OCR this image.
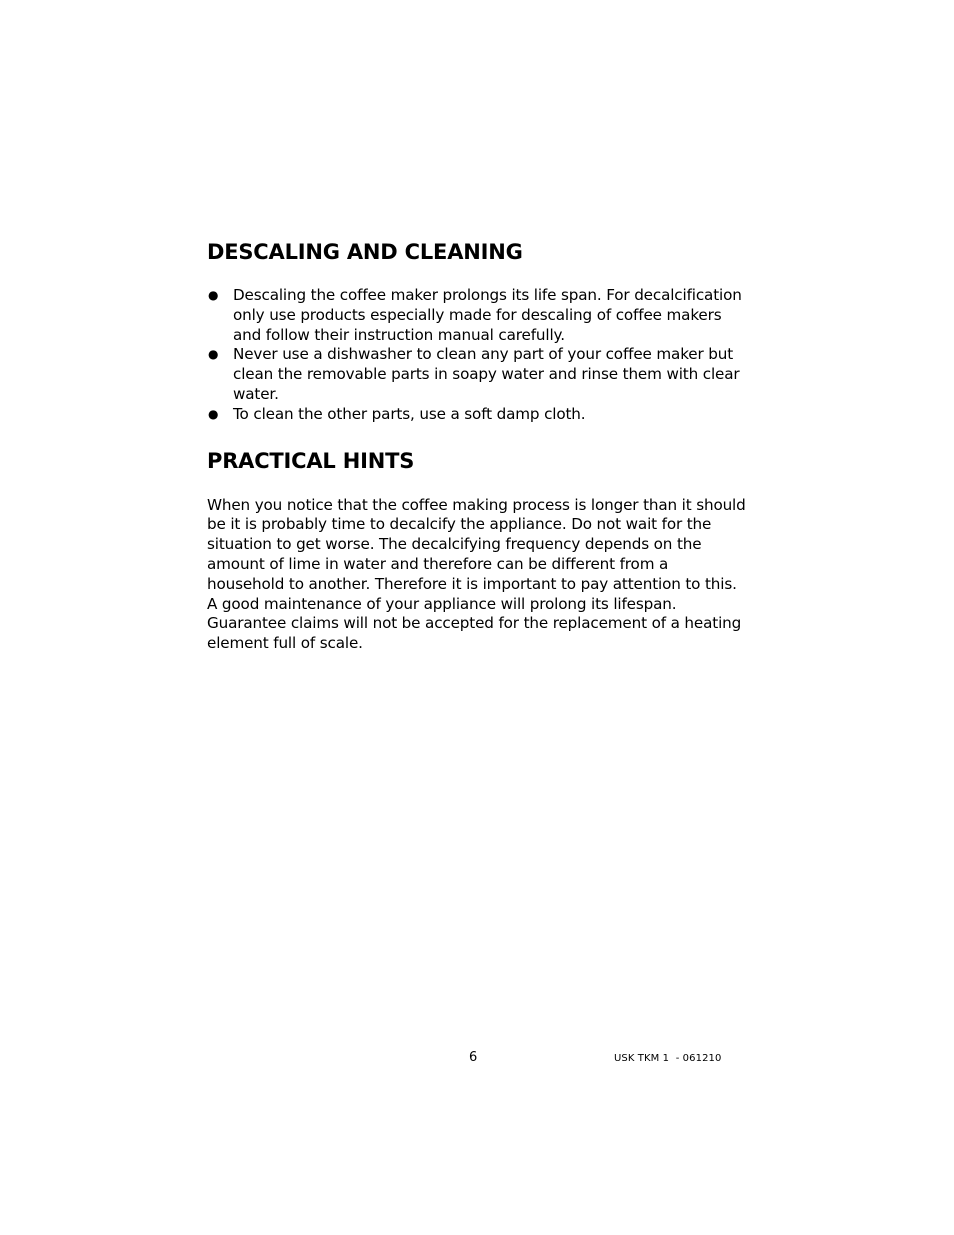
DESCALING AND CLEANING
● Descaling the coffee maker prolongs its life span. For decalcification only use products especially made for descaling of coffee makers and follow their instruction manual carefully.
● Never use a dishwasher to clean any part of your coffee maker but clean the removable parts in soapy water and rinse them with clear water.
● To clean the other parts, use a soft damp cloth.
PRACTICAL HINTS

When you notice that the coffee making process is longer than it should be it is probably time to decalcify the appliance. Do not wait for the situation to get worse. The decalcifying frequency depends on the amount of lime in water and therefore can be different from a household to another. Therefore it is important to pay attention to this. A good maintenance of your appliance will prolong its lifespan. Guarantee claims will not be accepted for the replacement of a heating element full of scale.

6	USK TKM 1  - 061210
